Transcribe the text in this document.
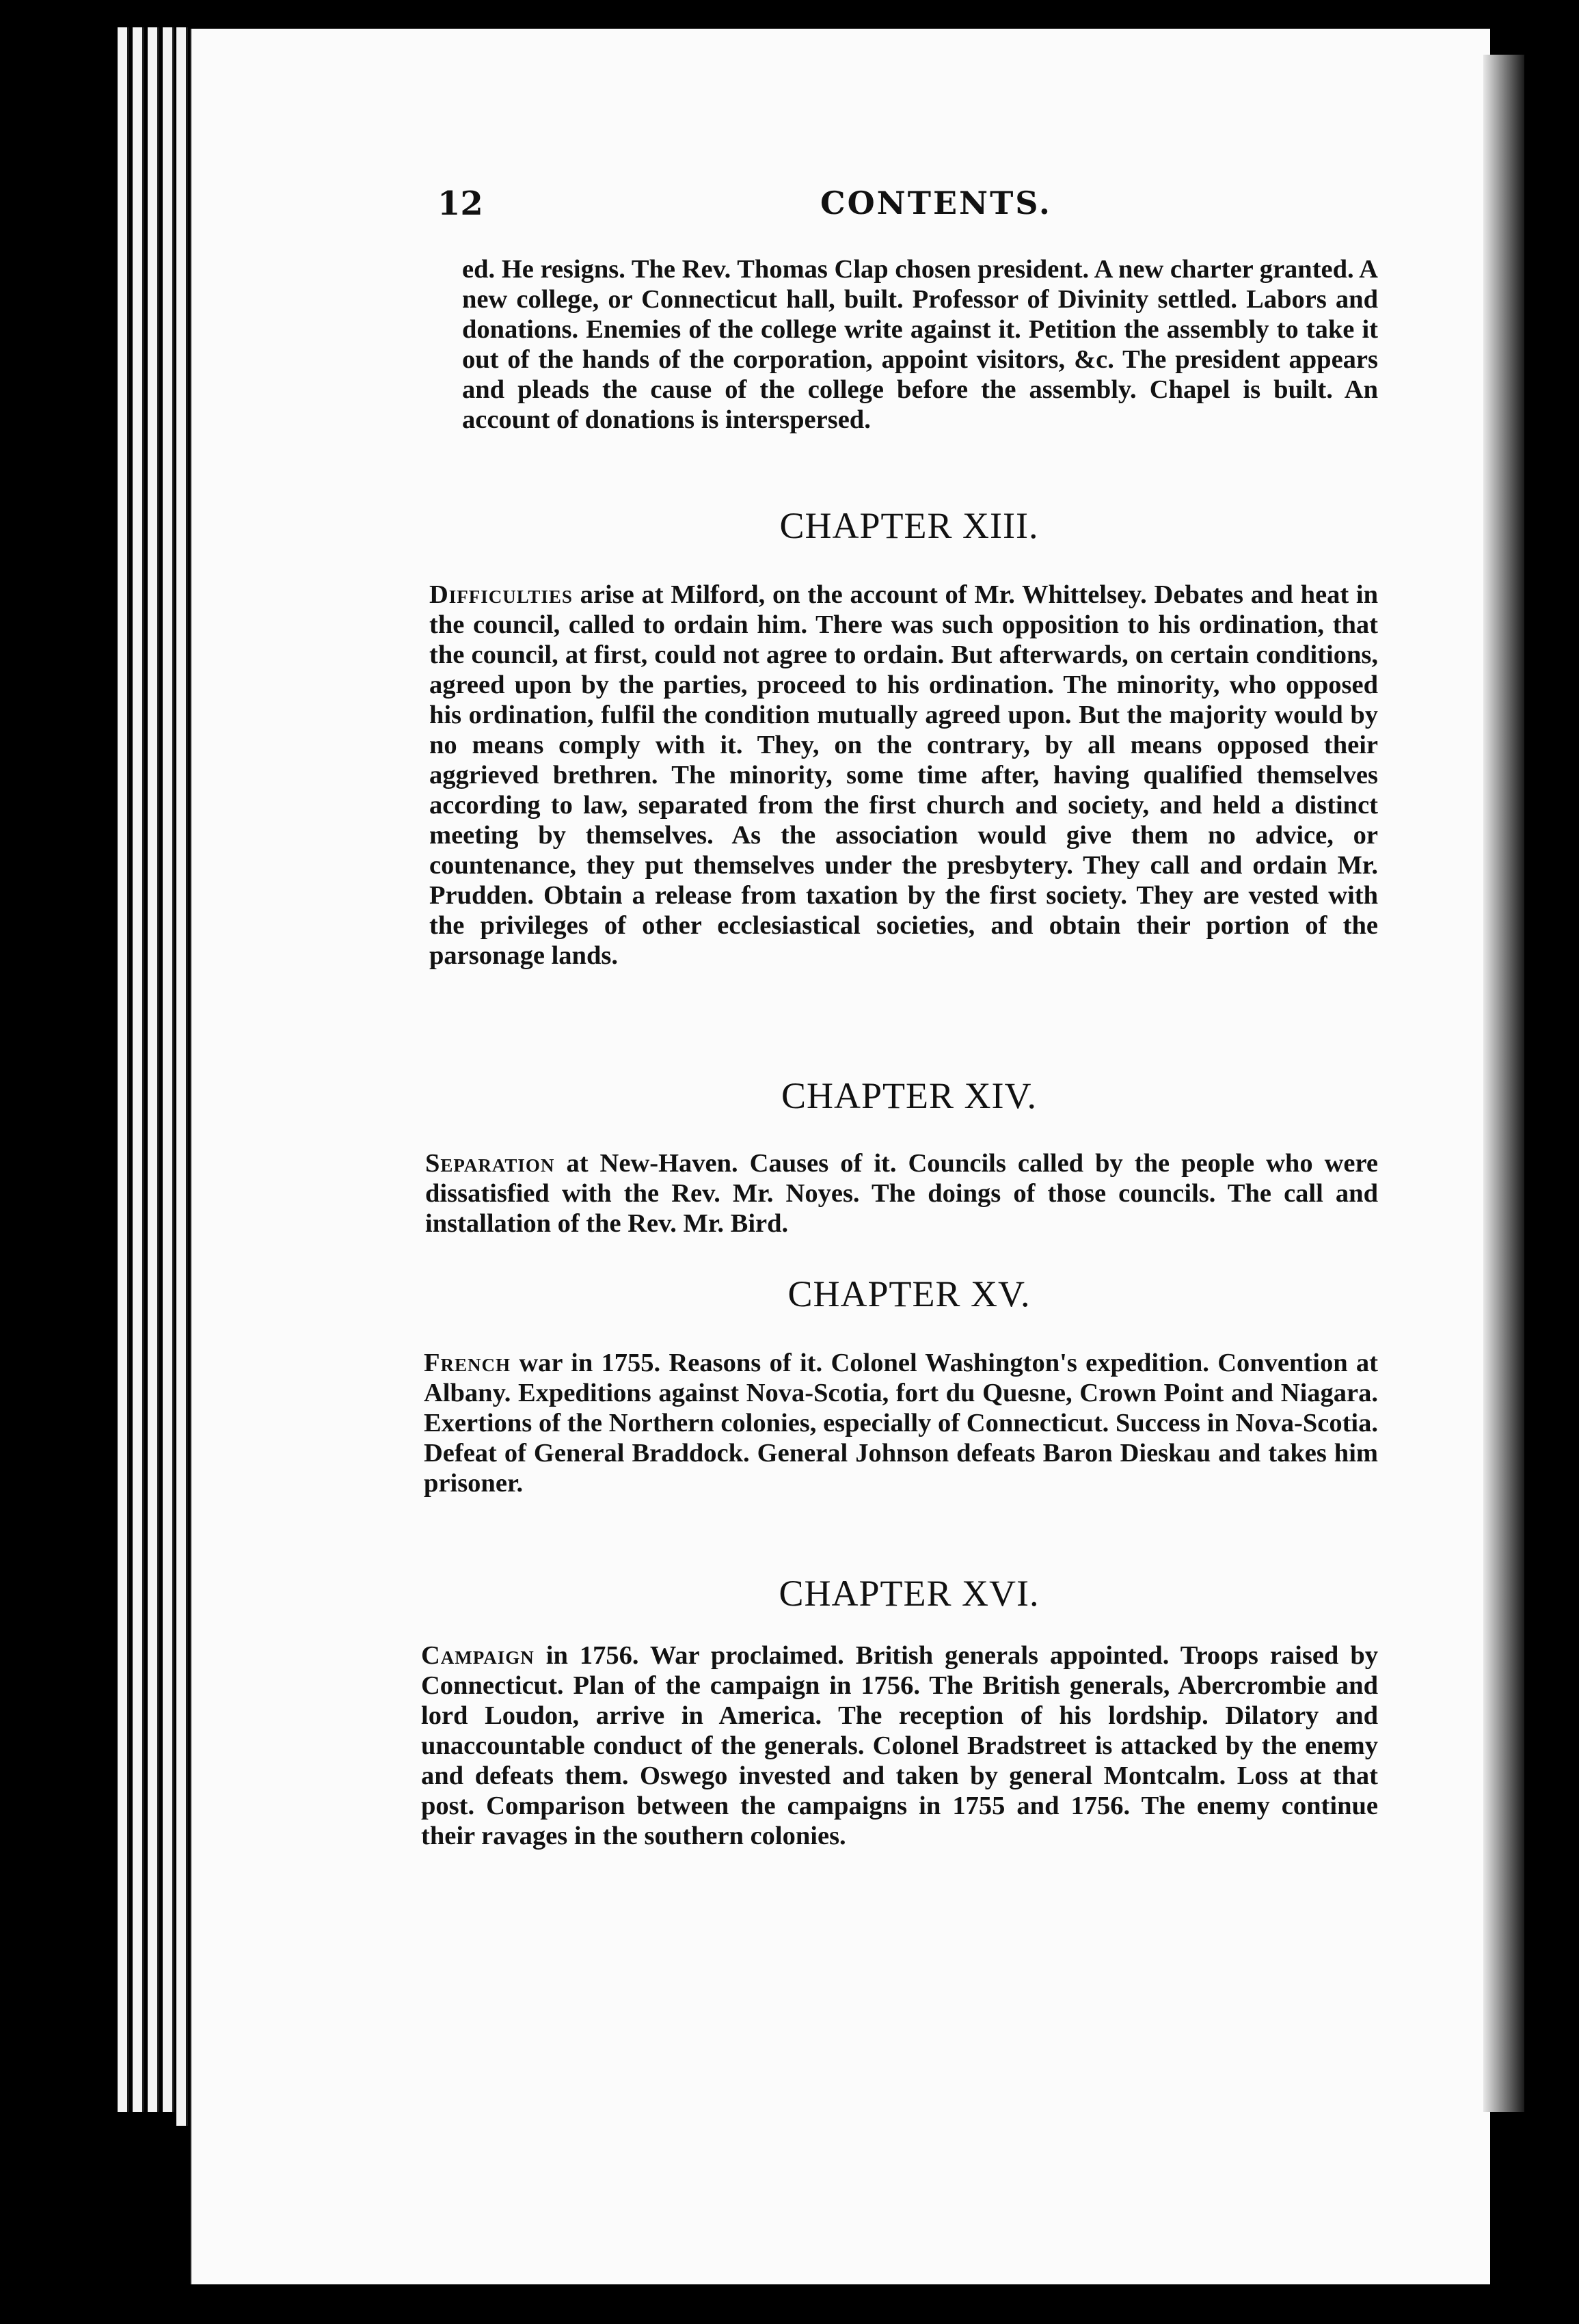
12	CONTENTS.
ed. He resigns. The Rev. Thomas Clap chosen president. A new charter granted. A new college, or Connecticut hall, built. Professor of Divinity settled. Labors and donations. Enemies of the college write against it. Petition the assembly to take it out of the hands of the corporation, appoint visitors, &c. The president appears and pleads the cause of the college before the assembly. Chapel is built. An account of donations is interspersed.
CHAPTER XIII.
Difficulties arise at Milford, on the account of Mr. Whittelsey. Debates and heat in the council, called to ordain him. There was such opposition to his ordination, that the council, at first, could not agree to ordain. But afterwards, on certain conditions, agreed upon by the parties, proceed to his ordination. The minority, who opposed his ordination, fulfil the condition mutually agreed upon. But the majority would by no means comply with it. They, on the contrary, by all means opposed their aggrieved brethren. The minority, some time after, having qualified themselves according to law, separated from the first church and society, and held a distinct meeting by themselves. As the association would give them no advice, or countenance, they put themselves under the presbytery. They call and ordain Mr. Prudden. Obtain a release from taxation by the first society. They are vested with the privileges of other ecclesiastical societies, and obtain their portion of the parsonage lands.
CHAPTER XIV.
Separation at New-Haven. Causes of it. Councils called by the people who were dissatisfied with the Rev. Mr. Noyes. The doings of those councils. The call and installation of the Rev. Mr. Bird.
CHAPTER XV.
French war in 1755. Reasons of it. Colonel Washington's expedition. Convention at Albany. Expeditions against Nova-Scotia, fort du Quesne, Crown Point and Niagara. Exertions of the Northern colonies, especially of Connecticut. Success in Nova-Scotia. Defeat of General Braddock. General Johnson defeats Baron Dieskau and takes him prisoner.
CHAPTER XVI.
Campaign in 1756. War proclaimed. British generals appointed. Troops raised by Connecticut. Plan of the campaign in 1756. The British generals, Abercrombie and lord Loudon, arrive in America. The reception of his lordship. Dilatory and unaccountable conduct of the generals. Colonel Bradstreet is attacked by the enemy and defeats them. Oswego invested and taken by general Montcalm. Loss at that post. Comparison between the campaigns in 1755 and 1756. The enemy continue their ravages in the southern colonies.
